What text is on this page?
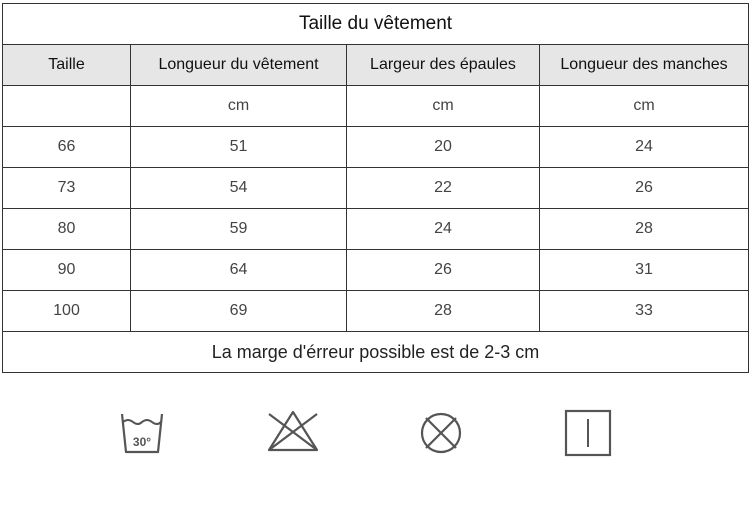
Taille du vêtement			
Taille	Longueur du vêtement	Largeur des épaules	Longueur des manches
	cm	cm	cm
66	51	20	24
73	54	22	26
80	59	24	28
90	64	26	31
100	69	28	33
La marge d'érreur possible est de 2-3 cm			
30°
